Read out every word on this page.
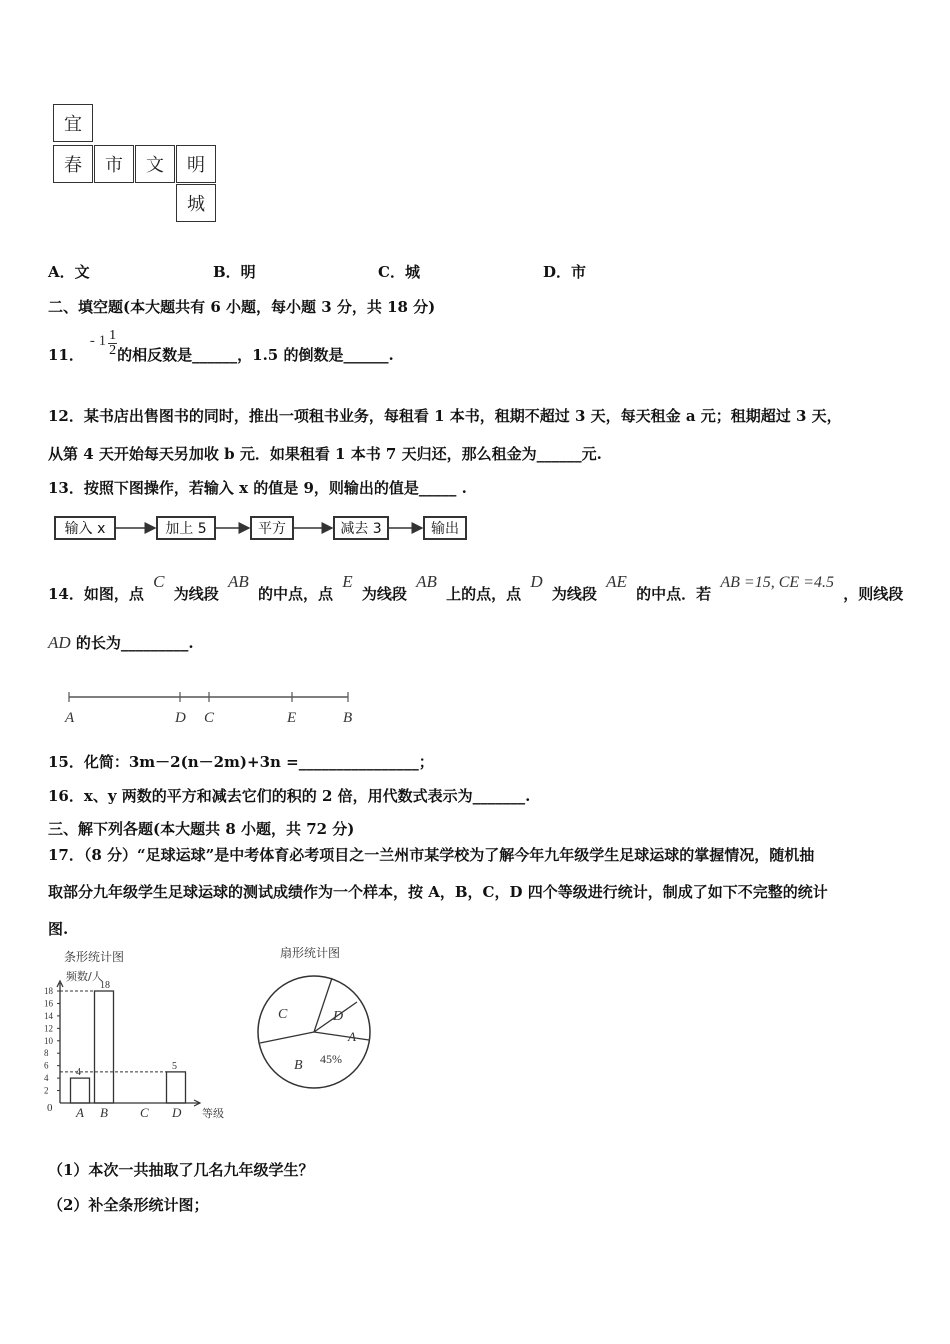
宜
春	市	文	明
城
A．文	B．明	C．城	D．市
二、填空题(本大题共有 6 小题，每小题 3 分，共 18 分)
11．
- $1 \frac{1}{2}$ 的相反数是______，1.5 的倒数是______.
12．某书店出售图书的同时，推出一项租书业务，每租看 1 本书，租期不超过 3 天，每天租金 a 元；租期超过 3 天，
从第 4 天开始每天另加收 b 元．如果租看 1 本书 7 天归还，那么租金为______元.
13．按照下图操作，若输入 x 的值是 9，则输出的值是_____ .
输入 x	加上 5	平方	减去 3	输出
14．如图，点 C 为线段 AB 的中点，点 E 为线段 AB 上的点，点 D 为线段 AE 的中点．若 AB =15, CE =4.5 ，则线段
AD 的长为_________.
A	D C	E	B
15．化简：3m－2(n－2m)+3n =________________；
16．x、y 两数的平方和减去它们的积的 2 倍，用代数式表示为_______.
三、解下列各题(本大题共 8 小题，共 72 分)
17．（8 分）“足球运球”是中考体育必考项目之一兰州市某学校为了解今年九年级学生足球运球的掌握情况，随机抽
取部分九年级学生足球运球的测试成绩作为一个样本，按 A，B，C，D 四个等级进行统计，制成了如下不完整的统计
图.
条形统计图
频数/人
等级
0
2
4
6
8
10
12
14
16
18
A
4
B
18
C D
5
扇形统计图
C	D
A
B 45%
（1）本次一共抽取了几名九年级学生？
（2）补全条形统计图；
